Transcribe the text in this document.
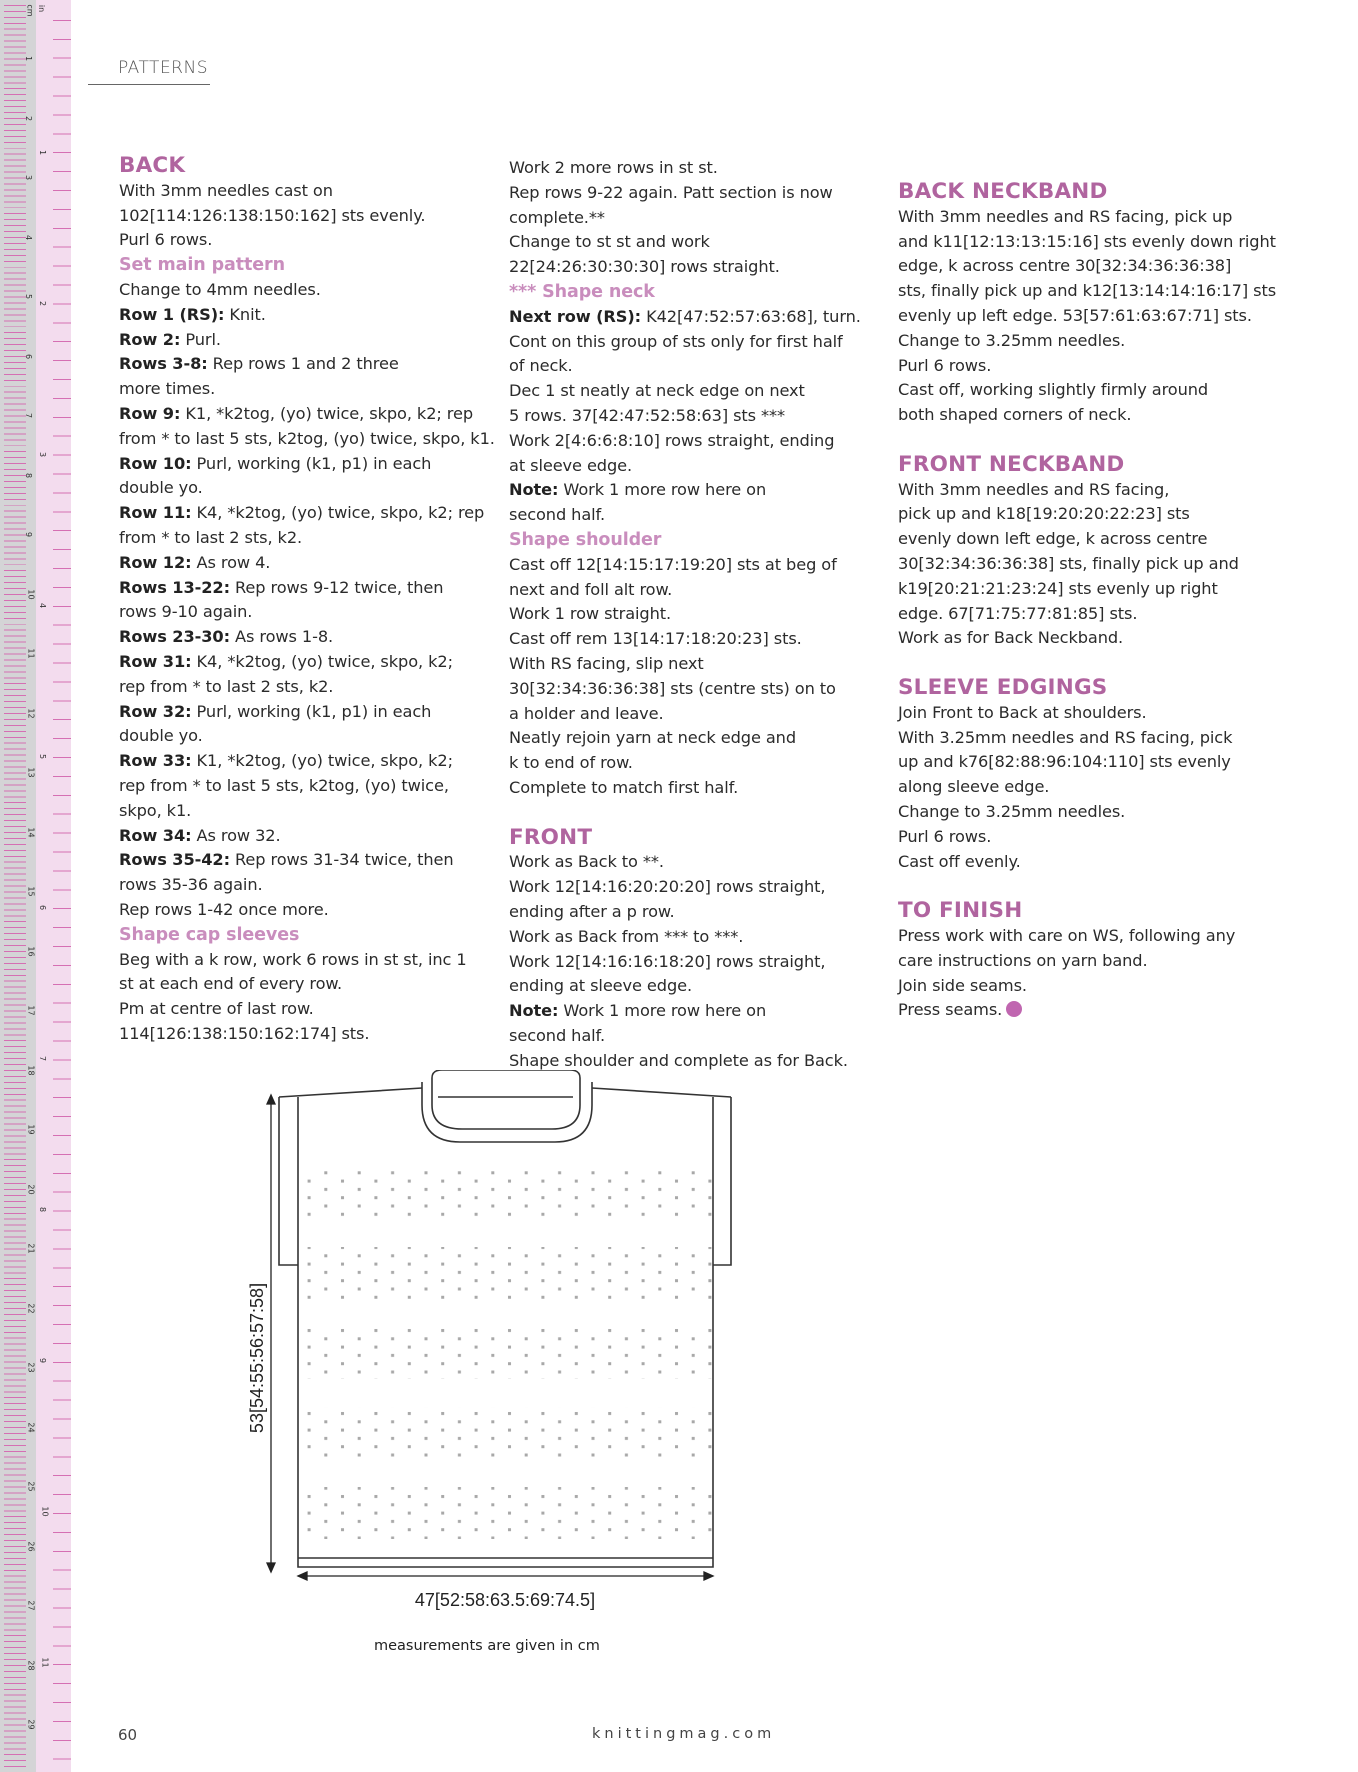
cm in
1
2
3
4
5
6
7
8
9
10
11
12
13
14
15
16
17
18
19
20
21
22
23
24
25
26
27
28
29
1
2
3
4
5
6
7
8
9
10
11
PATTERNS
BACK
With 3mm needles cast on
102[114:126:138:150:162] sts evenly.
Purl 6 rows.
Set main pattern
Change to 4mm needles.
Row 1 (RS): Knit.
Row 2: Purl.
Rows 3-8: Rep rows 1 and 2 three
more times.
Row 9: K1, *k2tog, (yo) twice, skpo, k2; rep
from * to last 5 sts, k2tog, (yo) twice, skpo, k1.
Row 10: Purl, working (k1, p1) in each
double yo.
Row 11: K4, *k2tog, (yo) twice, skpo, k2; rep
from * to last 2 sts, k2.
Row 12: As row 4.
Rows 13-22: Rep rows 9-12 twice, then
rows 9-10 again.
Rows 23-30: As rows 1-8.
Row 31: K4, *k2tog, (yo) twice, skpo, k2;
rep from * to last 2 sts, k2.
Row 32: Purl, working (k1, p1) in each
double yo.
Row 33: K1, *k2tog, (yo) twice, skpo, k2;
rep from * to last 5 sts, k2tog, (yo) twice,
skpo, k1.
Row 34: As row 32.
Rows 35-42: Rep rows 31-34 twice, then
rows 35-36 again.
Rep rows 1-42 once more.
Shape cap sleeves
Beg with a k row, work 6 rows in st st, inc 1
st at each end of every row.
Pm at centre of last row.
114[126:138:150:162:174] sts.
Work 2 more rows in st st.
Rep rows 9-22 again. Patt section is now
complete.**
Change to st st and work
22[24:26:30:30:30] rows straight.
*** Shape neck
Next row (RS): K42[47:52:57:63:68], turn.
Cont on this group of sts only for first half
of neck.
Dec 1 st neatly at neck edge on next
5 rows. 37[42:47:52:58:63] sts ***
Work 2[4:6:6:8:10] rows straight, ending
at sleeve edge.
Note: Work 1 more row here on
second half.
Shape shoulder
Cast off 12[14:15:17:19:20] sts at beg of
next and foll alt row.
Work 1 row straight.
Cast off rem 13[14:17:18:20:23] sts.
With RS facing, slip next
30[32:34:36:36:38] sts (centre sts) on to
a holder and leave.
Neatly rejoin yarn at neck edge and
k to end of row.
Complete to match first half.
FRONT
Work as Back to **.
Work 12[14:16:20:20:20] rows straight,
ending after a p row.
Work as Back from *** to ***.
Work 12[14:16:16:18:20] rows straight,
ending at sleeve edge.
Note: Work 1 more row here on
second half.
Shape shoulder and complete as for Back.
BACK NECKBAND
With 3mm needles and RS facing, pick up
and k11[12:13:13:15:16] sts evenly down right
edge, k across centre 30[32:34:36:36:38]
sts, finally pick up and k12[13:14:14:16:17] sts
evenly up left edge. 53[57:61:63:67:71] sts.
Change to 3.25mm needles.
Purl 6 rows.
Cast off, working slightly firmly around
both shaped corners of neck.
FRONT NECKBAND
With 3mm needles and RS facing,
pick up and k18[19:20:20:22:23] sts
evenly down left edge, k across centre
30[32:34:36:36:38] sts, finally pick up and
k19[20:21:21:23:24] sts evenly up right
edge. 67[71:75:77:81:85] sts.
Work as for Back Neckband.
SLEEVE EDGINGS
Join Front to Back at shoulders.
With 3.25mm needles and RS facing, pick
up and k76[82:88:96:104:110] sts evenly
along sleeve edge.
Change to 3.25mm needles.
Purl 6 rows.
Cast off evenly.
TO FINISH
Press work with care on WS, following any
care instructions on yarn band.
Join side seams.
Press seams.
53[54:55:56:57:58]
47[52:58:63.5:69:74.5]
measurements are given in cm
60	knittingmag.com
